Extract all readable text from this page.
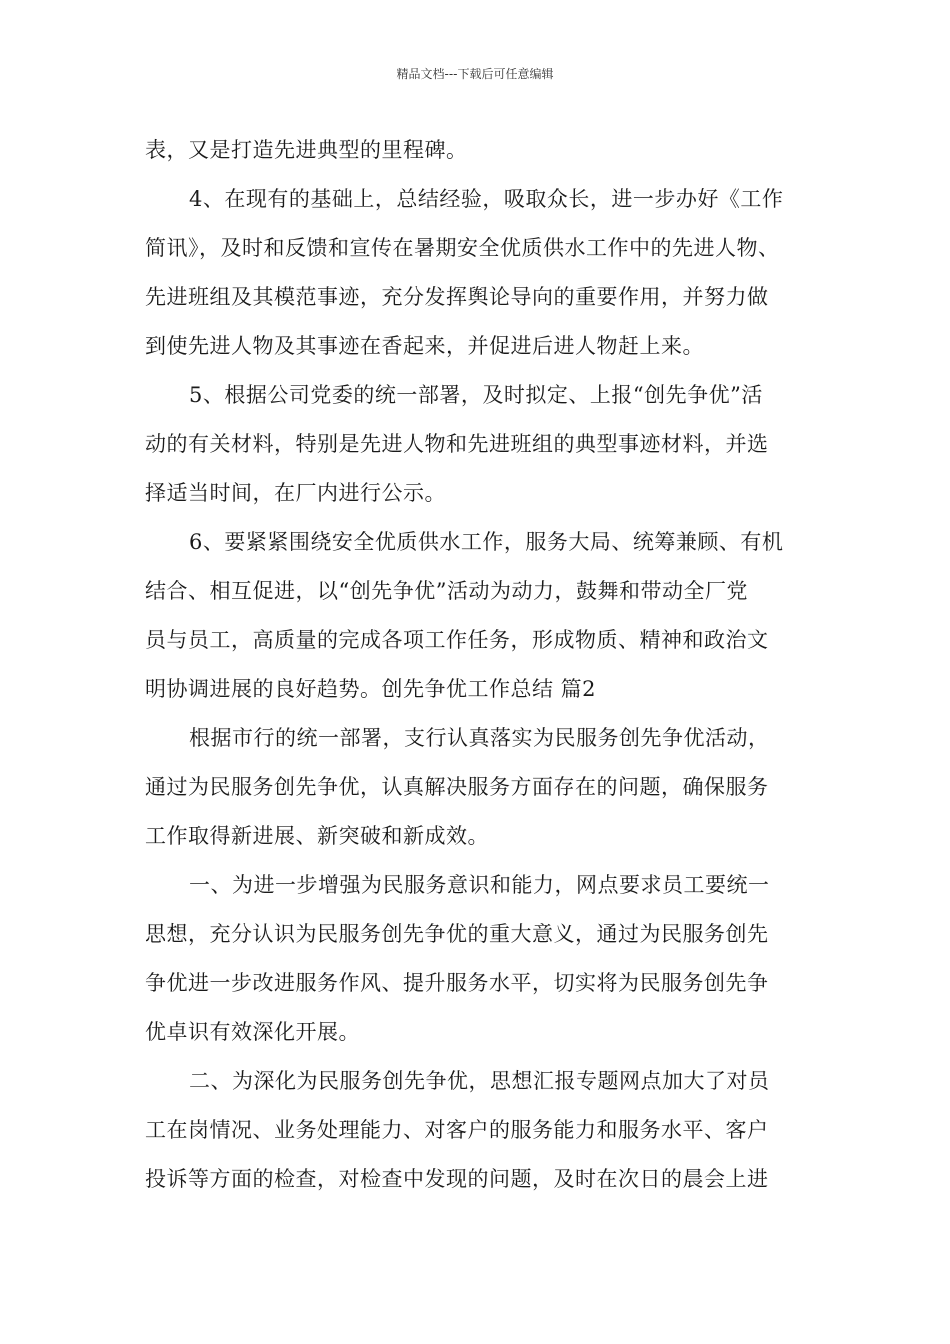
精品文档---下载后可任意编辑

表，又是打造先进典型的里程碑。

4、在现有的基础上，总结经验，吸取众长，进一步办好《工作
简讯》，及时和反馈和宣传在暑期安全优质供水工作中的先进人物、
先进班组及其模范事迹，充分发挥舆论导向的重要作用，并努力做
到使先进人物及其事迹在香起来，并促进后进人物赶上来。

5、根据公司党委的统一部署，及时拟定、上报“创先争优”活
动的有关材料，特别是先进人物和先进班组的典型事迹材料，并选
择适当时间，在厂内进行公示。

6、要紧紧围绕安全优质供水工作，服务大局、统筹兼顾、有机
结合、相互促进，以“创先争优”活动为动力，鼓舞和带动全厂党
员与员工，高质量的完成各项工作任务，形成物质、精神和政治文
明协调进展的良好趋势。创先争优工作总结 篇2

根据市行的统一部署，支行认真落实为民服务创先争优活动，
通过为民服务创先争优，认真解决服务方面存在的问题，确保服务
工作取得新进展、新突破和新成效。

一、为进一步增强为民服务意识和能力，网点要求员工要统一
思想，充分认识为民服务创先争优的重大意义，通过为民服务创先
争优进一步改进服务作风、提升服务水平，切实将为民服务创先争
优卓识有效深化开展。

二、为深化为民服务创先争优，思想汇报专题网点加大了对员
工在岗情况、业务处理能力、对客户的服务能力和服务水平、客户
投诉等方面的检查，对检查中发现的问题，及时在次日的晨会上进
